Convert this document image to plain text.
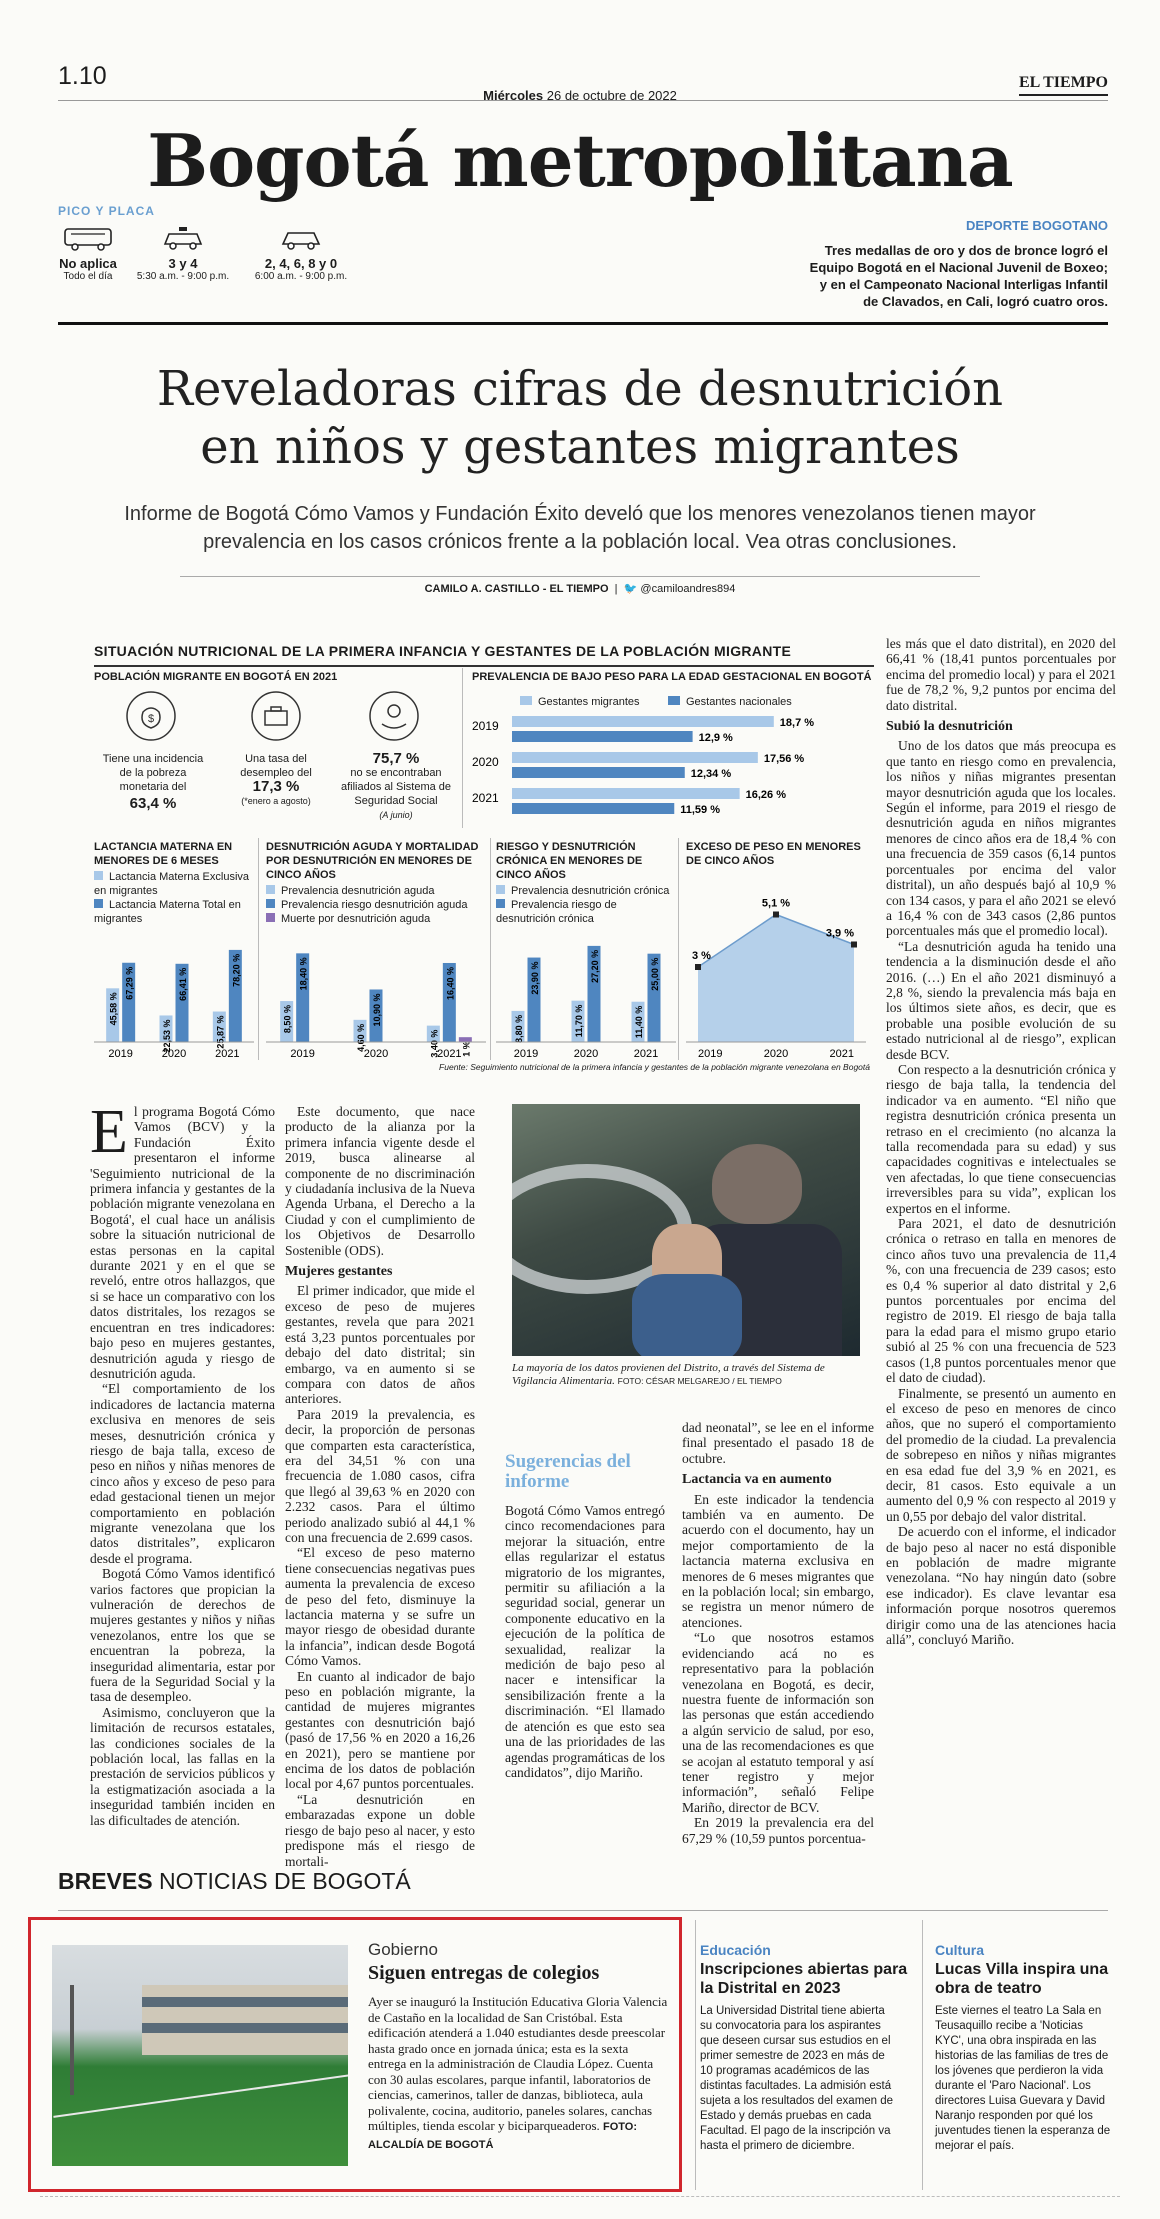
1.10
Miércoles 26 de octubre de 2022
EL TIEMPO
Bogotá metropolitana
PICO Y PLACA
No aplica
Todo el día
3 y 4
5:30 a.m. - 9:00 p.m.
2, 4, 6, 8 y 0
6:00 a.m. - 9:00 p.m.
DEPORTE BOGOTANO
Tres medallas de oro y dos de bronce logró el Equipo Bogotá en el Nacional Juvenil de Boxeo; y en el Campeonato Nacional Interligas Infantil de Clavados, en Cali, logró cuatro oros.
Reveladoras cifras de desnutrición
en niños y gestantes migrantes
Informe de Bogotá Cómo Vamos y Fundación Éxito develó que los menores venezolanos tienen mayor prevalencia en los casos crónicos frente a la población local. Vea otras conclusiones.
CAMILO A. CASTILLO - EL TIEMPO  |  🐦 @camiloandres894
SITUACIÓN NUTRICIONAL DE LA PRIMERA INFANCIA Y GESTANTES DE LA POBLACIÓN MIGRANTE
POBLACIÓN MIGRANTE EN BOGOTÁ EN 2021
$
Tiene una incidencia de la pobreza monetaria del
63,4 %
Una tasa del desempleo del
17,3 %
(*enero a agosto)
75,7 %
no se encontraban afiliados al Sistema de Seguridad Social
(A junio)
PREVALENCIA DE BAJO PESO PARA LA EDAD GESTACIONAL EN BOGOTÁ
Gestantes migrantes	Gestantes nacionales
2019	18,7 %
12,9 %
2020	17,56 %
12,34 %
2021	16,26 %
11,59 %
LACTANCIA MATERNA EN MENORES DE 6 MESES
Lactancia Materna Exclusiva en migrantes
Lactancia Materna Total en migrantes
45,58 %
67,29 %
2019
22,53 %
66,41 %
2020
25,87 %
78,20 %
2021
DESNUTRICIÓN AGUDA Y MORTALIDAD POR DESNUTRICIÓN EN MENORES DE CINCO AÑOS
Prevalencia desnutrición aguda
Prevalencia riesgo desnutrición aguda
Muerte por desnutrición aguda
8,50 %
18,40 %
2019
4,60 %
10,90 %
2020	3,40 %
16,40 %
1 %
2021
RIESGO Y DESNUTRICIÓN CRÓNICA EN MENORES DE CINCO AÑOS
Prevalencia desnutrición crónica
Prevalencia riesgo de desnutrición crónica
8,80 %
23,90 %
2019
11,70 %
27,20 %
2020
11,40 %
25,00 %
2021
EXCESO DE PESO EN MENORES DE CINCO AÑOS
3 %
2019
5,1 %
2020
3,9 %
2021
Fuente: Seguimiento nutricional de la primera infancia y gestantes de la población migrante venezolana en Bogotá

les más que el dato distrital), en 2020 del 66,41 % (18,41 puntos porcentuales por encima del promedio local) y para el 2021 fue de 78,2 %, 9,2 puntos por encima del dato distrital.

Subió la desnutrición

Uno de los datos que más preocupa es que tanto en riesgo como en prevalencia, los niños y niñas migrantes presentan mayor desnutrición aguda que los locales. Según el informe, para 2019 el riesgo de desnutrición aguda en niños migrantes menores de cinco años era de 18,4 % con una frecuencia de 359 casos (6,14 puntos porcentuales por encima del valor distrital), un año después bajó al 10,9 % con 134 casos, y para el año 2021 se elevó a 16,4 % con de 343 casos (2,86 puntos porcentuales más que el promedio local).

“La desnutrición aguda ha tenido una tendencia a la disminución desde el año 2016. (…) En el año 2021 disminuyó a 2,8 %, siendo la prevalencia más baja en los últimos siete años, es decir, que es probable una posible evolución de su estado nutricional al de riesgo”, explican desde BCV.

Con respecto a la desnutrición crónica y riesgo de baja talla, la tendencia del indicador va en aumento. “El niño que registra desnutrición crónica presenta un retraso en el crecimiento (no alcanza la talla recomendada para su edad) y sus capacidades cognitivas e intelectuales se ven afectadas, lo que tiene consecuencias irreversibles para su vida”, explican los expertos en el informe.

Para 2021, el dato de desnutrición crónica o retraso en talla en menores de cinco años tuvo una prevalencia de 11,4 %, con una frecuencia de 239 casos; esto es 0,4 % superior al dato distrital y 2,6 puntos porcentuales por encima del registro de 2019. El riesgo de baja talla para la edad para el mismo grupo etario subió al 25 % con una frecuencia de 523 casos (1,8 puntos porcentuales menor que el dato de ciudad).

Finalmente, se presentó un aumento en el exceso de peso en menores de cinco años, que no superó el comportamiento del promedio de la ciudad. La prevalencia de sobrepeso en niños y niñas migrantes en esa edad fue del 3,9 % en 2021, es decir, 81 casos. Esto equivale a un aumento del 0,9 % con respecto al 2019 y un 0,55 por debajo del valor distrital.

De acuerdo con el informe, el indicador de bajo peso al nacer no está disponible en población de madre migrante venezolana. “No hay ningún dato (sobre ese indicador). Es clave levantar esa información porque nosotros queremos dirigir como una de las atenciones hacia allá”, concluyó Mariño.

El programa Bogotá Cómo Vamos (BCV) y la Fundación Éxito presentaron el informe 'Seguimiento nutricional de la primera infancia y gestantes de la población migrante venezolana en Bogotá', el cual hace un análisis sobre la situación nutricional de estas personas en la capital durante 2021 y en el que se reveló, entre otros hallazgos, que si se hace un comparativo con los datos distritales, los rezagos se encuentran en tres indicadores: bajo peso en mujeres gestantes, desnutrición aguda y riesgo de desnutrición aguda.

“El comportamiento de los indicadores de lactancia materna exclusiva en menores de seis meses, desnutrición crónica y riesgo de baja talla, exceso de peso en niños y niñas menores de cinco años y exceso de peso para edad gestacional tienen un mejor comportamiento en población migrante venezolana que los datos distritales”, explicaron desde el programa.

Bogotá Cómo Vamos identificó varios factores que propician la vulneración de derechos de mujeres gestantes y niños y niñas venezolanos, entre los que se encuentran la pobreza, la inseguridad alimentaria, estar por fuera de la Seguridad Social y la tasa de desempleo.

Asimismo, concluyeron que la limitación de recursos estatales, las condiciones sociales de la población local, las fallas en la prestación de servicios públicos y la estigmatización asociada a la inseguridad también inciden en las dificultades de atención.

Este documento, que nace producto de la alianza por la primera infancia vigente desde el 2019, busca alinearse al componente de no discriminación y ciudadanía inclusiva de la Nueva Agenda Urbana, el Derecho a la Ciudad y con el cumplimiento de los Objetivos de Desarrollo Sostenible (ODS).

Mujeres gestantes

El primer indicador, que mide el exceso de peso de mujeres gestantes, revela que para 2021 está 3,23 puntos porcentuales por debajo del dato distrital; sin embargo, va en aumento si se compara con datos de años anteriores.

Para 2019 la prevalencia, es decir, la proporción de personas que comparten esta característica, era del 34,51 % con una frecuencia de 1.080 casos, cifra que llegó al 39,63 % en 2020 con 2.232 casos. Para el último periodo analizado subió al 44,1 % con una frecuencia de 2.699 casos.

“El exceso de peso materno tiene consecuencias negativas pues aumenta la prevalencia de exceso de peso del feto, disminuye la lactancia materna y se sufre un mayor riesgo de obesidad durante la infancia”, indican desde Bogotá Cómo Vamos.

En cuanto al indicador de bajo peso en población migrante, la cantidad de mujeres migrantes gestantes con desnutrición bajó (pasó de 17,56 % en 2020 a 16,26 en 2021), pero se mantiene por encima de los datos de población local por 4,67 puntos porcentuales.

“La desnutrición en embarazadas expone un doble riesgo de bajo peso al nacer, y esto predispone más el riesgo de mortali-

La mayoría de los datos provienen del Distrito, a través del Sistema de Vigilancia Alimentaria. FOTO: CÉSAR MELGAREJO / EL TIEMPO
Sugerencias del informe
Bogotá Cómo Vamos entregó cinco recomendaciones para mejorar la situación, entre ellas regularizar el estatus migratorio de los migrantes, permitir su afiliación a la seguridad social, generar un componente educativo en la ejecución de la política de sexualidad, realizar la medición de bajo peso al nacer e intensificar la sensibilización frente a la discriminación. “El llamado de atención es que esto sea una de las prioridades de las agendas programáticas de los candidatos”, dijo Mariño.

dad neonatal”, se lee en el informe final presentado el pasado 18 de octubre.

Lactancia va en aumento

En este indicador la tendencia también va en aumento. De acuerdo con el documento, hay un mejor comportamiento de la lactancia materna exclusiva en menores de 6 meses migrantes que en la población local; sin embargo, se registra un menor número de atenciones.

“Lo que nosotros estamos evidenciando acá no es representativo para la población venezolana en Bogotá, es decir, nuestra fuente de información son las personas que están accediendo a algún servicio de salud, por eso, una de las recomendaciones es que se acojan al estatuto temporal y así tener registro y mejor información”, señaló Felipe Mariño, director de BCV.

En 2019 la prevalencia era del 67,29 % (10,59 puntos porcentua-

BREVES NOTICIAS DE BOGOTÁ
Gobierno
Siguen entregas de colegios
Ayer se inauguró la Institución Educativa Gloria Valencia de Castaño en la localidad de San Cristóbal. Esta edificación atenderá a 1.040 estudiantes desde preescolar hasta grado once en jornada única; esta es la sexta entrega en la administración de Claudia López. Cuenta con 30 aulas escolares, parque infantil, laboratorios de ciencias, camerinos, taller de danzas, biblioteca, aula polivalente, cocina, auditorio, paneles solares, canchas múltiples, tienda escolar y biciparqueaderos. FOTO: ALCALDÍA DE BOGOTÁ
Educación
Inscripciones abiertas para la Distrital en 2023
La Universidad Distrital tiene abierta su convocatoria para los aspirantes que deseen cursar sus estudios en el primer semestre de 2023 en más de 10 programas académicos de las distintas facultades. La admisión está sujeta a los resultados del examen de Estado y demás pruebas en cada Facultad. El pago de la inscripción va hasta el primero de diciembre.
Cultura
Lucas Villa inspira una obra de teatro
Este viernes el teatro La Sala en Teusaquillo recibe a 'Noticias KYC', una obra inspirada en las historias de las familias de tres de los jóvenes que perdieron la vida durante el 'Paro Nacional'. Los directores Luisa Guevara y David Naranjo responden por qué los juventudes tienen la esperanza de mejorar el país.
